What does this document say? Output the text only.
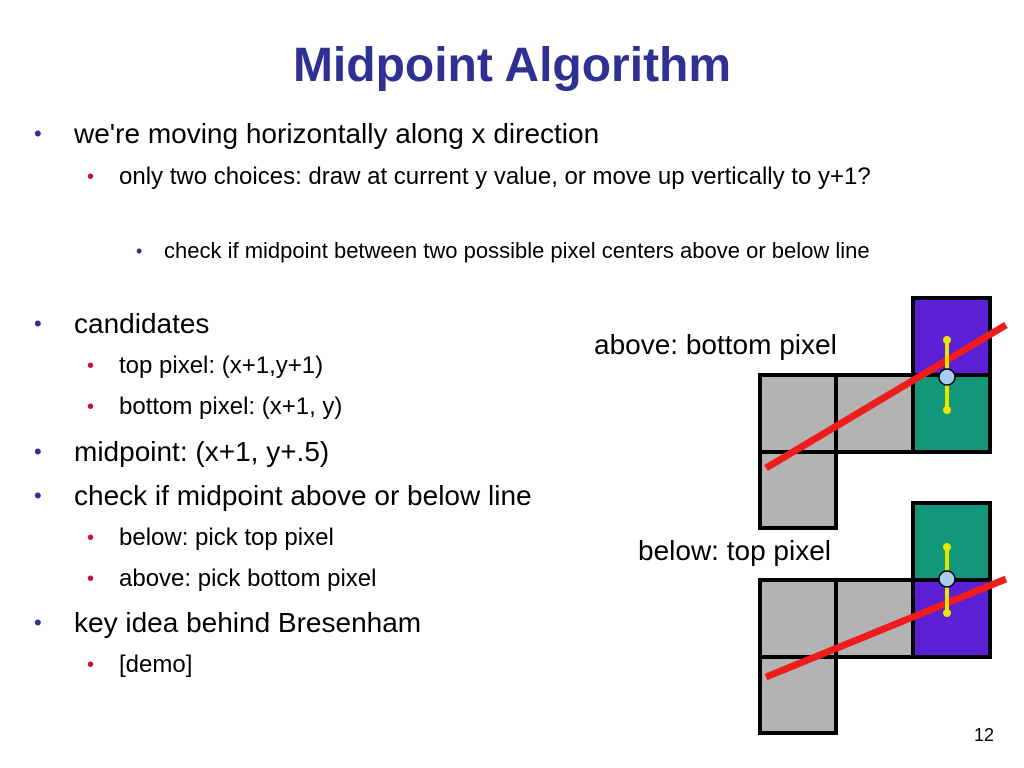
Midpoint Algorithm
• we're moving horizontally along x direction
• only two choices: draw at current y value, or move up vertically to y+1?
• check if midpoint between two possible pixel centers above or below line
• candidates
• top pixel: (x+1,y+1)
• bottom pixel: (x+1, y)
• midpoint: (x+1, y+.5)
• check if midpoint above or below line
• below: pick top pixel
• above: pick bottom pixel
• key idea behind Bresenham
• [demo]
above: bottom pixel
below: top pixel
12
